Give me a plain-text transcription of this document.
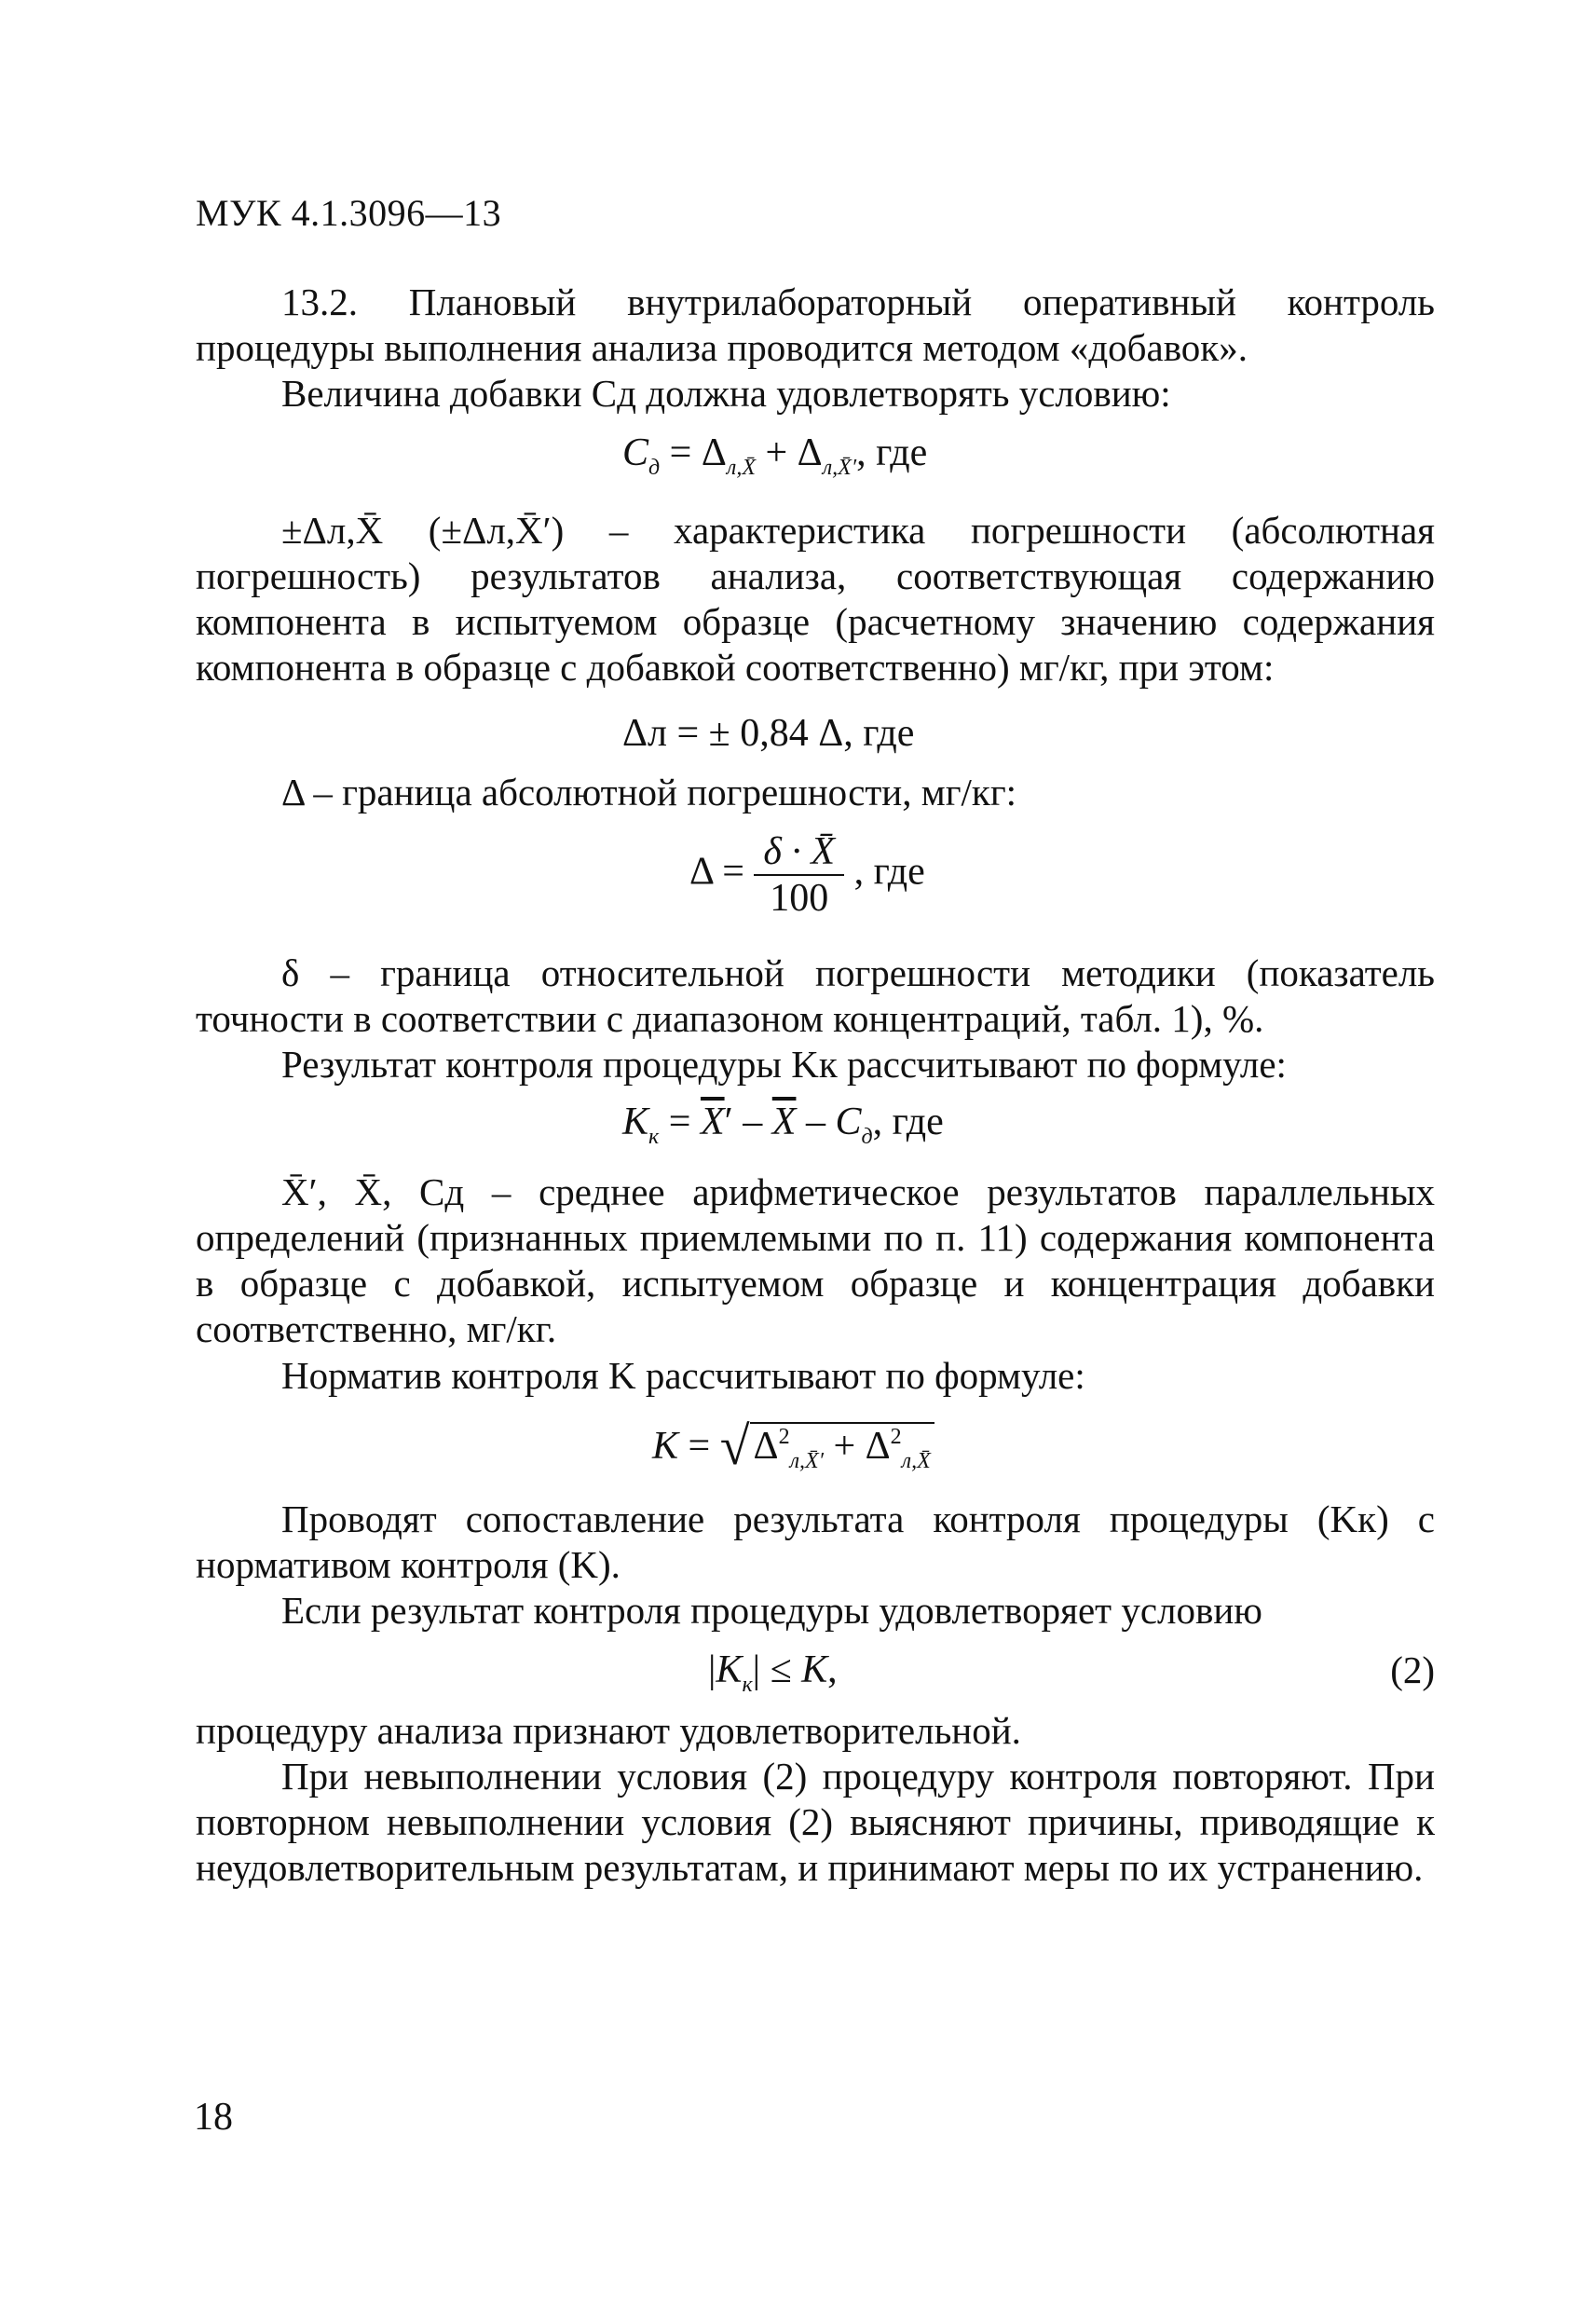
МУК 4.1.3096—13
13.2. Плановый внутрилабораторный оперативный контроль процедуры выполнения анализа проводится методом «добавок».
Величина добавки Cд должна удовлетворять условию:
$C_д = \Delta_{л,X̄} + \Delta_{л,X̄'}$, где
±Δл,X̄ (±Δл,X̄′) – характеристика погрешности (абсолютная погрешность) результатов анализа, соответствующая содержанию компонента в испытуемом образце (расчетному значению содержания компонента в образце с добавкой соответственно) мг/кг, при этом:
Δл = ± 0,84 Δ, где
Δ – граница абсолютной погрешности, мг/кг:
$\Delta = \frac{\delta \cdot X̄}{100}$ , где
δ – граница относительной погрешности методики (показатель точности в соответствии с диапазоном концентраций, табл. 1), %.
Результат контроля процедуры Kк рассчитывают по формуле:
$K_к = \overline{X}' - \overline{X} - C_д$, где
X̄′, X̄, Cд – среднее арифметическое результатов параллельных определений (признанных приемлемыми по п. 11) содержания компонента в образце с добавкой, испытуемом образце и концентрация добавки соответственно, мг/кг.
Норматив контроля K рассчитывают по формуле:
$K = √\Delta^2_{л,X̄'} + \Delta^2_{л,X̄}$
Проводят сопоставление результата контроля процедуры (Kк) с нормативом контроля (K).
Если результат контроля процедуры удовлетворяет условию
$|K_к| \le K$,	(2)
процедуру анализа признают удовлетворительной.
При невыполнении условия (2) процедуру контроля повторяют. При повторном невыполнении условия (2) выясняют причины, приводящие к неудовлетворительным результатам, и принимают меры по их устранению.
18
